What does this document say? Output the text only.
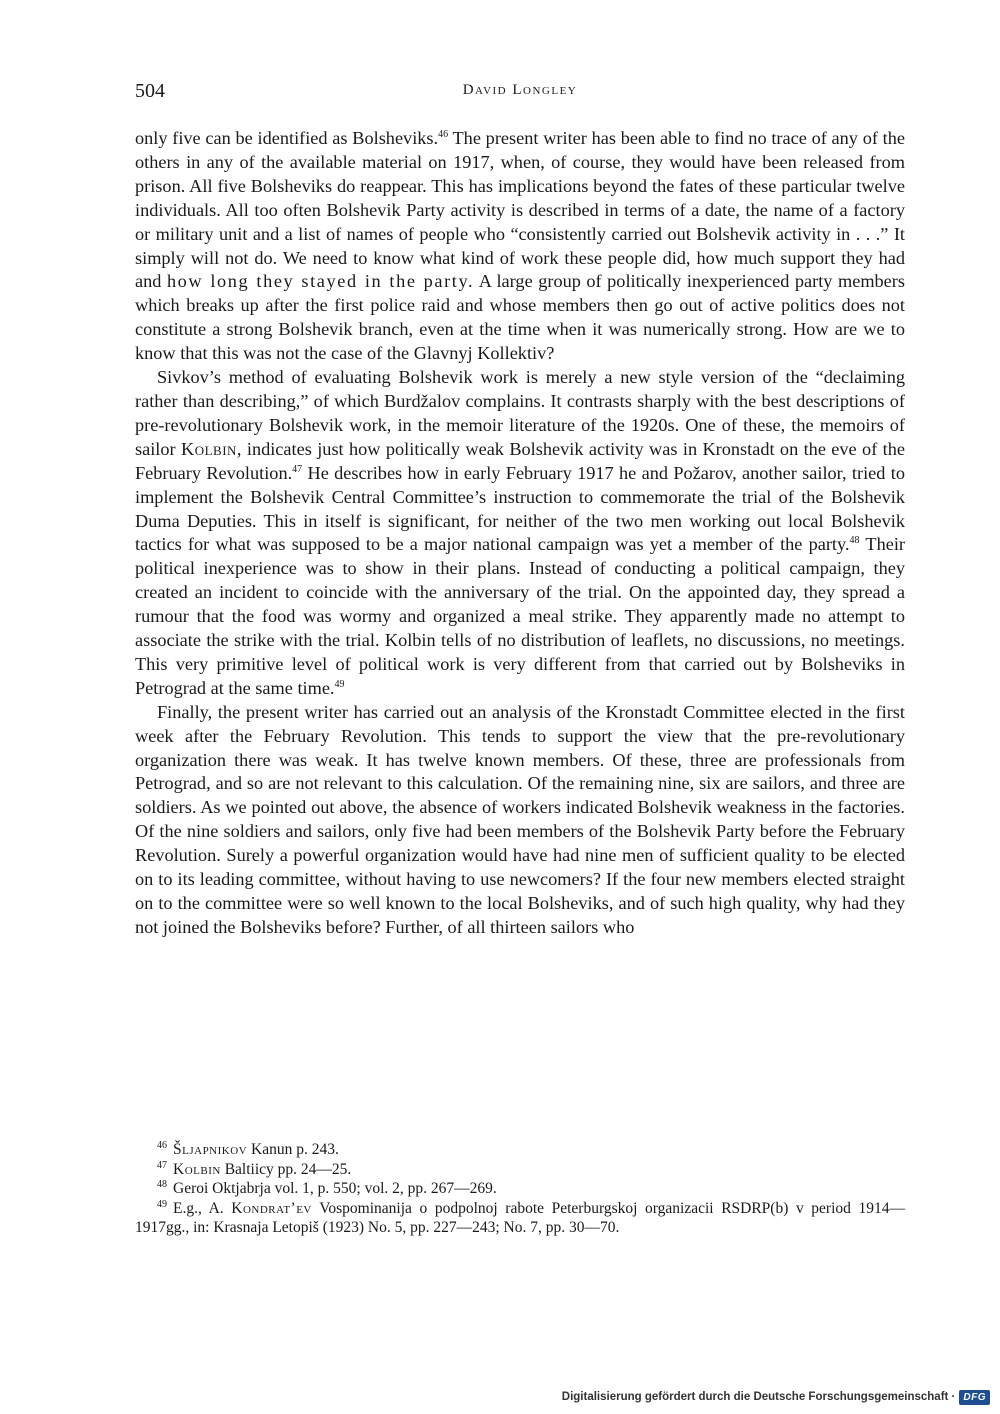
504	David Longley

only five can be identified as Bolsheviks.$^{46}$ The present writer has been able to find no trace of any of the others in any of the available material on 1917, when, of course, they would have been released from prison. All five Bolsheviks do reappear. This has implications beyond the fates of these particular twelve individuals. All too often Bolshevik Party activity is described in terms of a date, the name of a factory or military unit and a list of names of people who “consistently carried out Bolshevik activity in . . .” It simply will not do. We need to know what kind of work these people did, how much support they had and how long they stayed in the party. A large group of politically inexperienced party members which breaks up after the first police raid and whose members then go out of active politics does not constitute a strong Bolshevik branch, even at the time when it was numerically strong. How are we to know that this was not the case of the Glavnyj Kollektiv?

Sivkov’s method of evaluating Bolshevik work is merely a new style version of the “declaiming rather than describing,” of which Burdžalov complains. It contrasts sharply with the best descriptions of pre-revolutionary Bolshevik work, in the memoir literature of the 1920s. One of these, the memoirs of sailor Kolbin, indicates just how politically weak Bolshevik activity was in Kronstadt on the eve of the February Revolution.$^{47}$ He describes how in early February 1917 he and Požarov, another sailor, tried to implement the Bolshevik Central Committee’s instruction to commemorate the trial of the Bolshevik Duma Deputies. This in itself is significant, for neither of the two men working out local Bolshevik tactics for what was supposed to be a major national campaign was yet a member of the party.$^{48}$ Their political inexperience was to show in their plans. Instead of conducting a political campaign, they created an incident to coincide with the anniversary of the trial. On the appointed day, they spread a rumour that the food was wormy and organized a meal strike. They apparently made no attempt to associate the strike with the trial. Kolbin tells of no distribution of leaflets, no discussions, no meetings. This very primitive level of political work is very different from that carried out by Bolsheviks in Petrograd at the same time.$^{49}$

Finally, the present writer has carried out an analysis of the Kronstadt Committee elected in the first week after the February Revolution. This tends to support the view that the pre-revolutionary organization there was weak. It has twelve known members. Of these, three are professionals from Petrograd, and so are not relevant to this calculation. Of the remaining nine, six are sailors, and three are soldiers. As we pointed out above, the absence of workers indicated Bolshevik weakness in the factories. Of the nine soldiers and sailors, only five had been members of the Bolshevik Party before the February Revolution. Surely a powerful organization would have had nine men of sufficient quality to be elected on to its leading committee, without having to use newcomers? If the four new members elected straight on to the committee were so well known to the local Bolsheviks, and of such high quality, why had they not joined the Bolsheviks before? Further, of all thirteen sailors who

$^{46}$ Šljapnikov Kanun p. 243.

$^{47}$ Kolbin Baltiicy pp. 24—25.

$^{48}$ Geroi Oktjabrja vol. 1, p. 550; vol. 2, pp. 267—269.

$^{49}$ E.g., A. Kondrat’ev Vospominanija o podpolnoj rabote Peterburgskoj organizacii RSDRP(b) v period 1914—1917gg., in: Krasnaja Letopiš (1923) No. 5, pp. 227—243; No. 7, pp. 30—70.

Digitalisierung gefördert durch die Deutsche Forschungsgemeinschaft · DFG
